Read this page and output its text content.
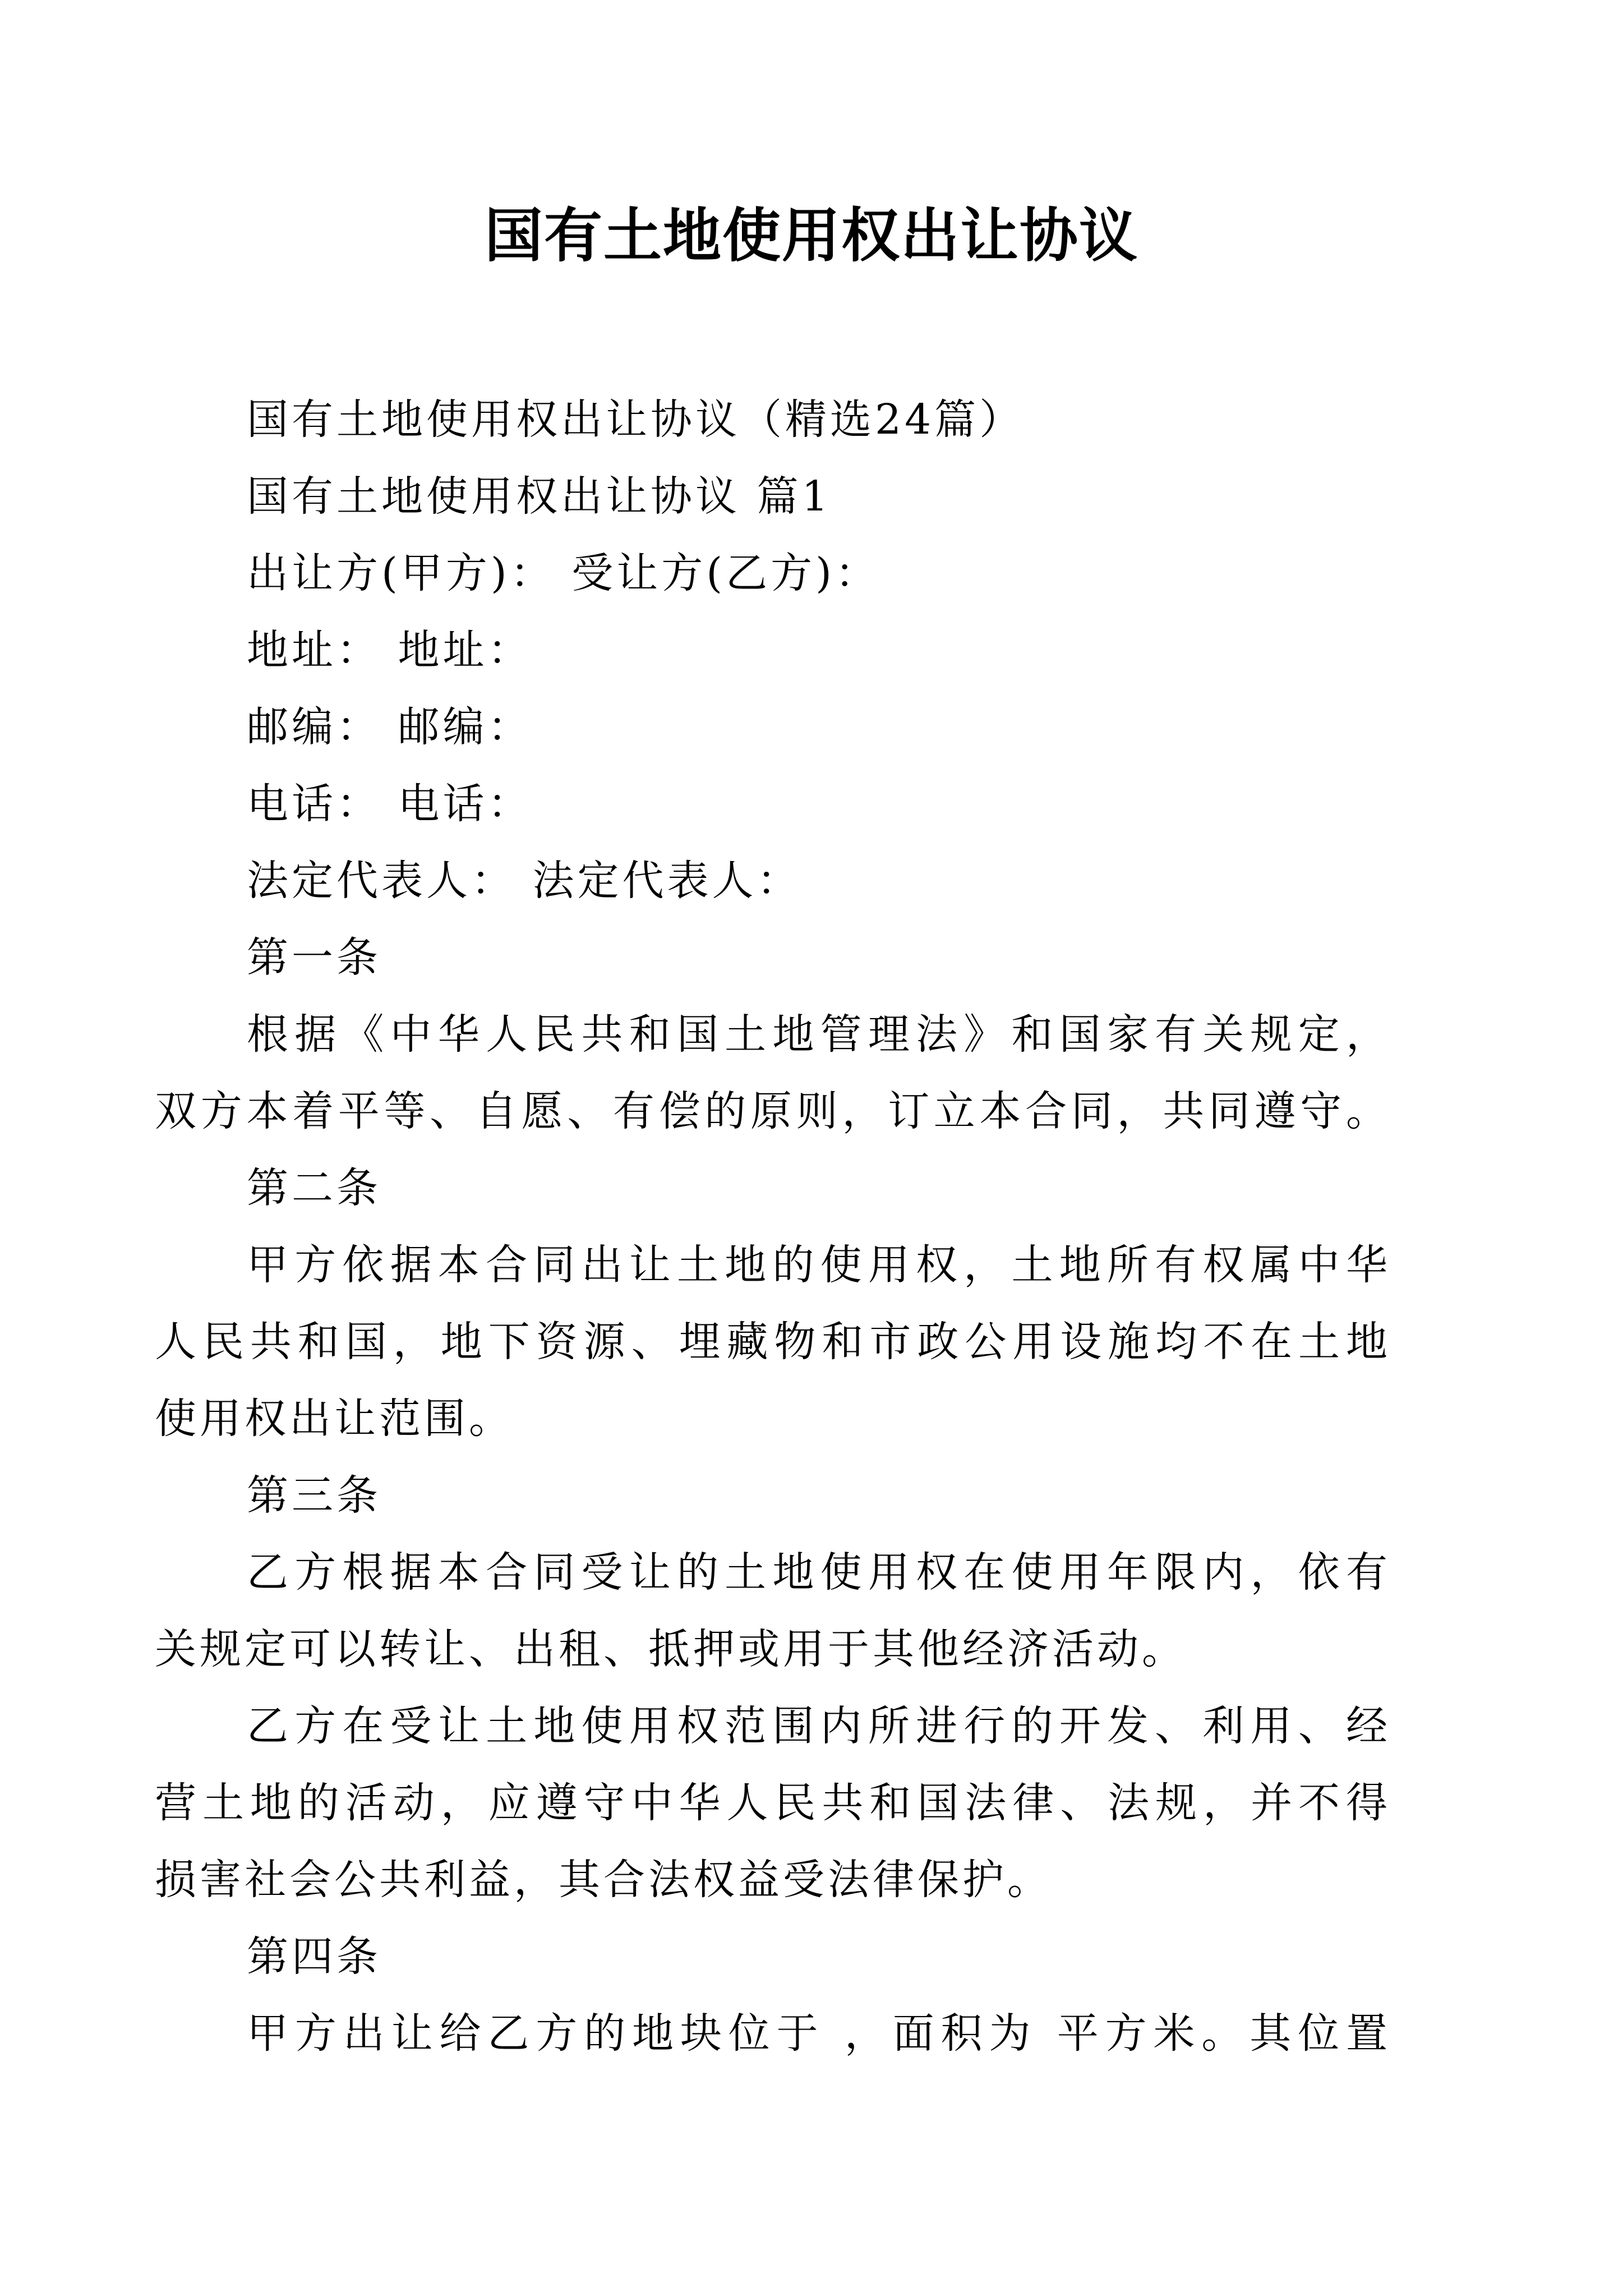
国有土地使用权出让协议

国有土地使用权出让协议（精选24篇）

国有土地使用权出让协议 篇1

出让方(甲方)： 受让方(乙方)：

地址： 地址：

邮编： 邮编：

电话： 电话：

法定代表人： 法定代表人：

第一条

根据《中华人民共和国土地管理法》和国家有关规定，

双方本着平等、自愿、有偿的原则，订立本合同，共同遵守。

第二条

甲方依据本合同出让土地的使用权，土地所有权属中华

人民共和国，地下资源、埋藏物和市政公用设施均不在土地

使用权出让范围。

第三条

乙方根据本合同受让的土地使用权在使用年限内，依有

关规定可以转让、出租、抵押或用于其他经济活动。

乙方在受让土地使用权范围内所进行的开发、利用、经

营土地的活动，应遵守中华人民共和国法律、法规，并不得

损害社会公共利益，其合法权益受法律保护。

第四条

甲方出让给乙方的地块位于 ，面积为 平方米。其位置
